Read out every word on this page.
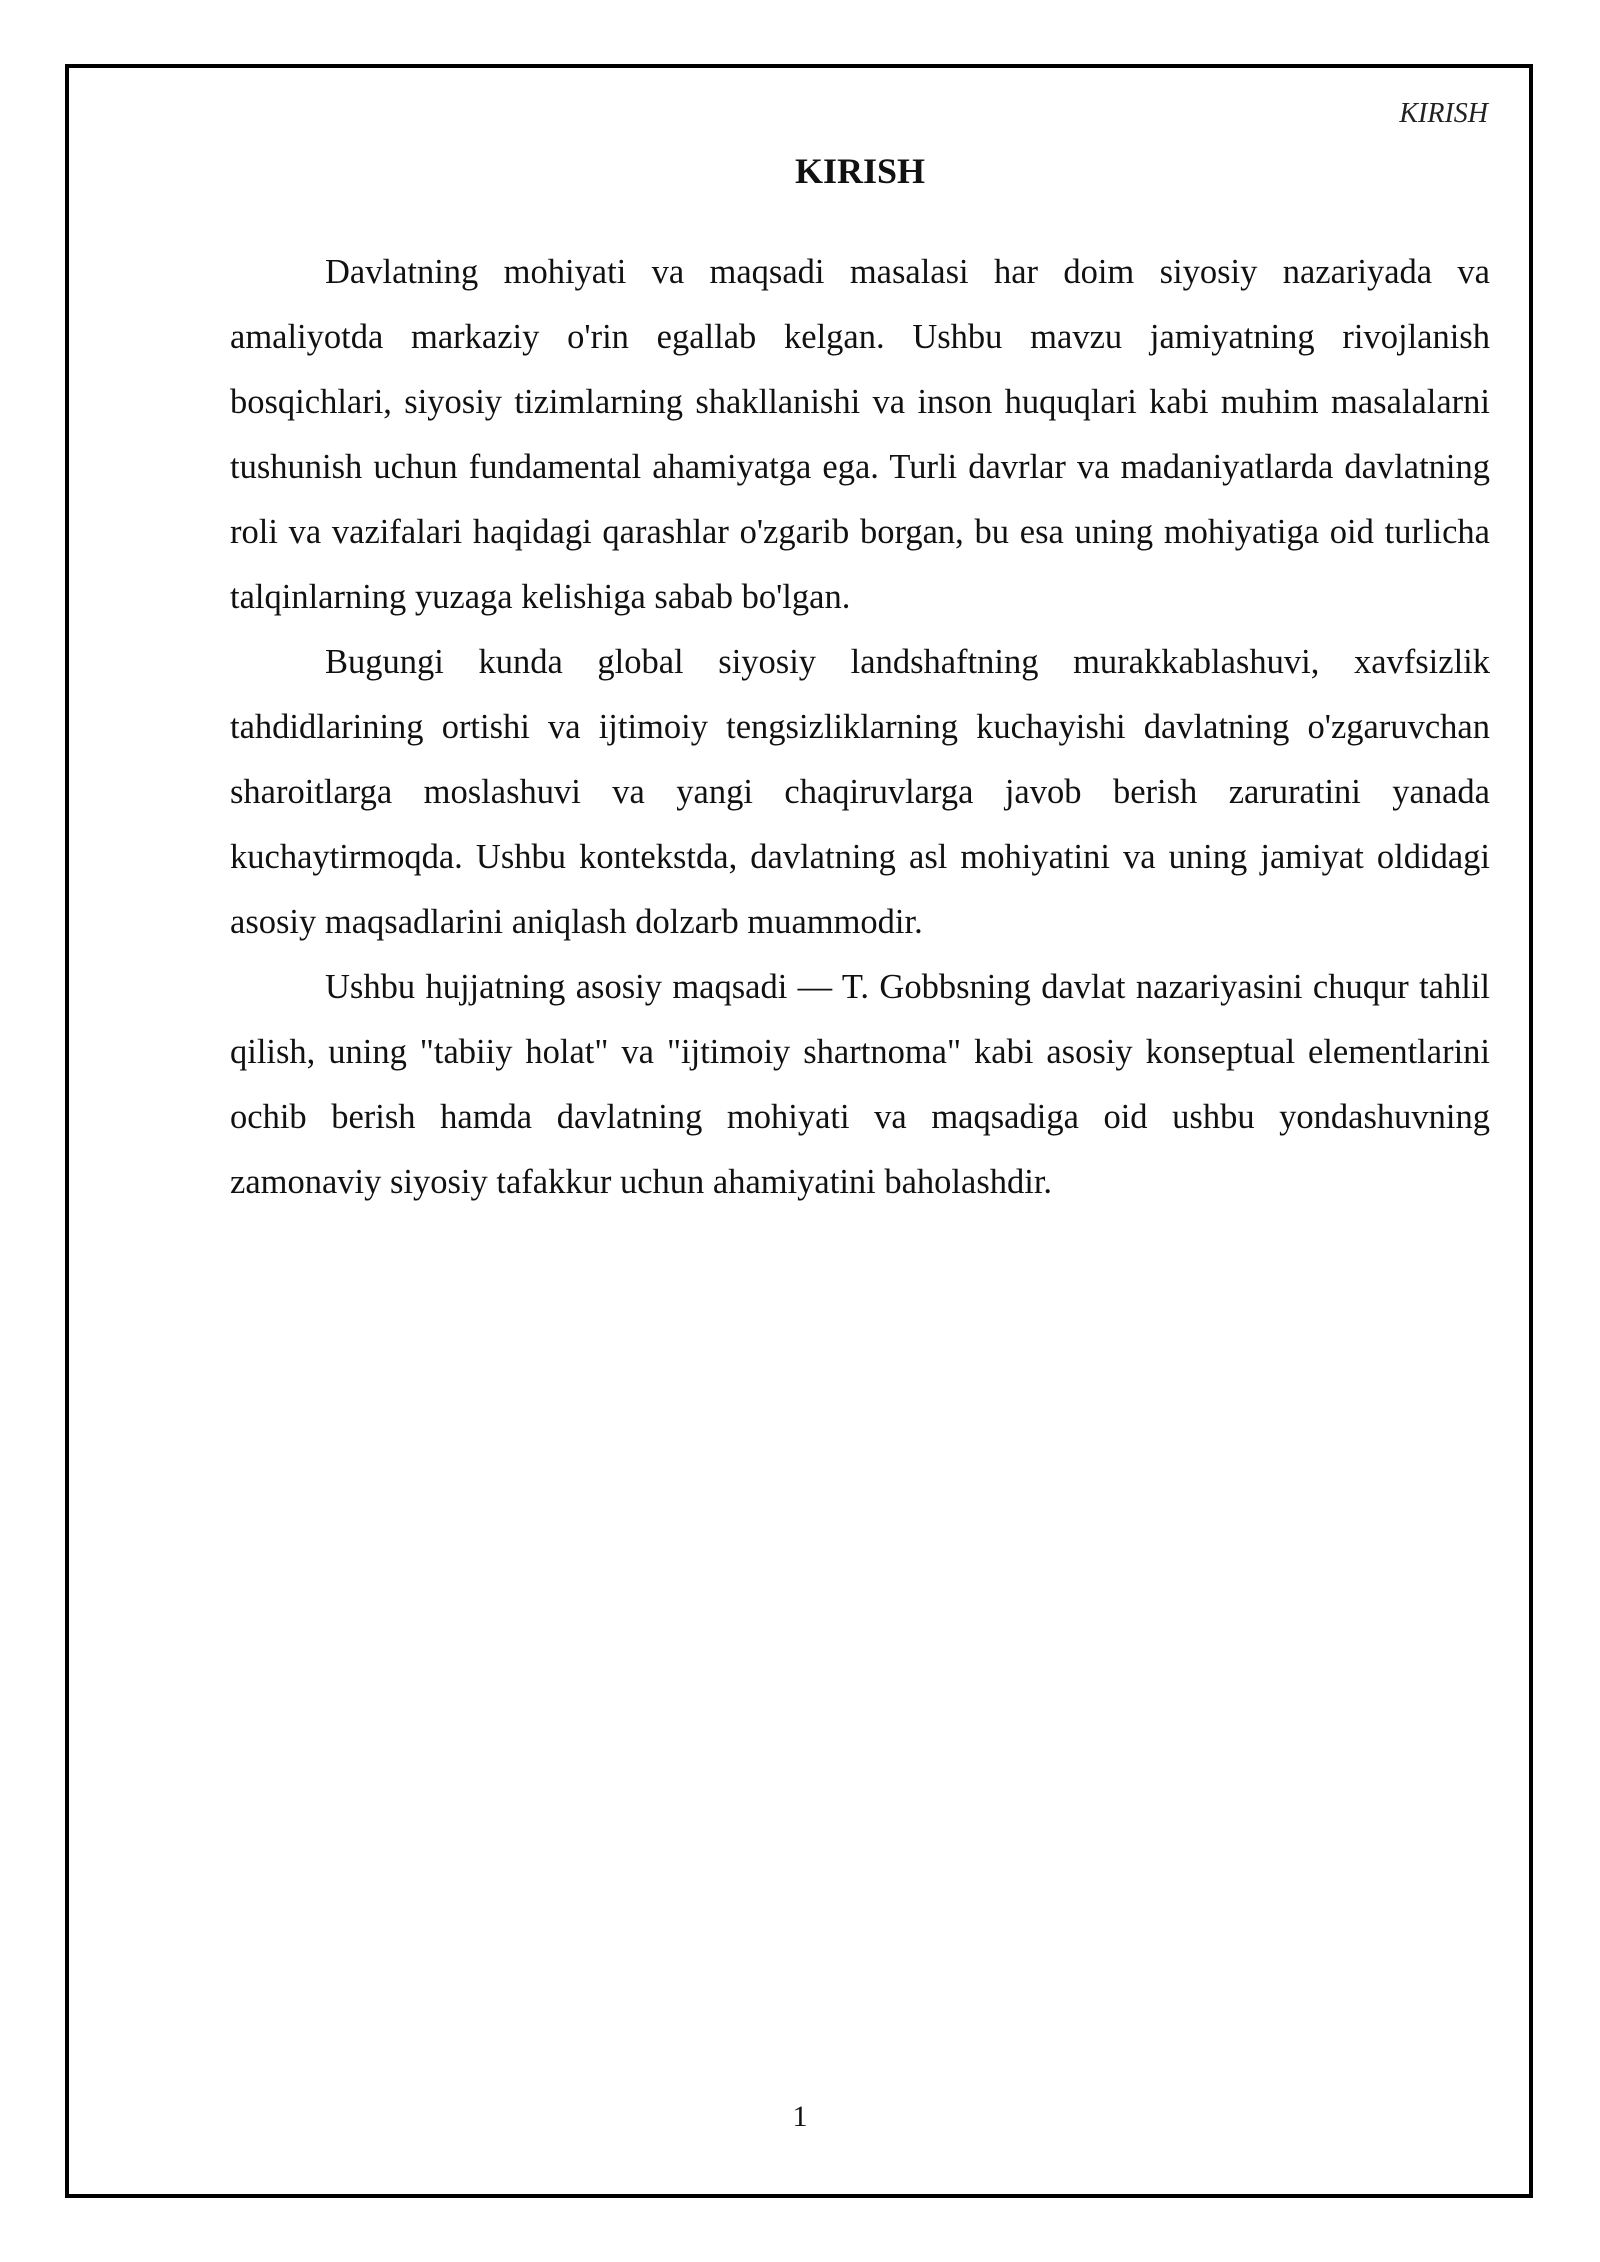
KIRISH
KIRISH

Davlatning mohiyati va maqsadi masalasi har doim siyosiy nazariyada va amaliyotda markaziy o'rin egallab kelgan. Ushbu mavzu jamiyatning rivojlanish bosqichlari, siyosiy tizimlarning shakllanishi va inson huquqlari kabi muhim masalalarni tushunish uchun fundamental ahamiyatga ega. Turli davrlar va madaniyatlarda davlatning roli va vazifalari haqidagi qarashlar o'zgarib borgan, bu esa uning mohiyatiga oid turlicha talqinlarning yuzaga kelishiga sabab bo'lgan.

Bugungi kunda global siyosiy landshaftning murakkablashuvi, xavfsizlik tahdidlarining ortishi va ijtimoiy tengsizliklarning kuchayishi davlatning o'zgaruvchan sharoitlarga moslashuvi va yangi chaqiruvlarga javob berish zaruratini yanada kuchaytirmoqda. Ushbu kontekstda, davlatning asl mohiyatini va uning jamiyat oldidagi asosiy maqsadlarini aniqlash dolzarb muammodir.

Ushbu hujjatning asosiy maqsadi — T. Gobbsning davlat nazariyasini chuqur tahlil qilish, uning "tabiiy holat" va "ijtimoiy shartnoma" kabi asosiy konseptual elementlarini ochib berish hamda davlatning mohiyati va maqsadiga oid ushbu yondashuvning zamonaviy siyosiy tafakkur uchun ahamiyatini baholashdir.

1
